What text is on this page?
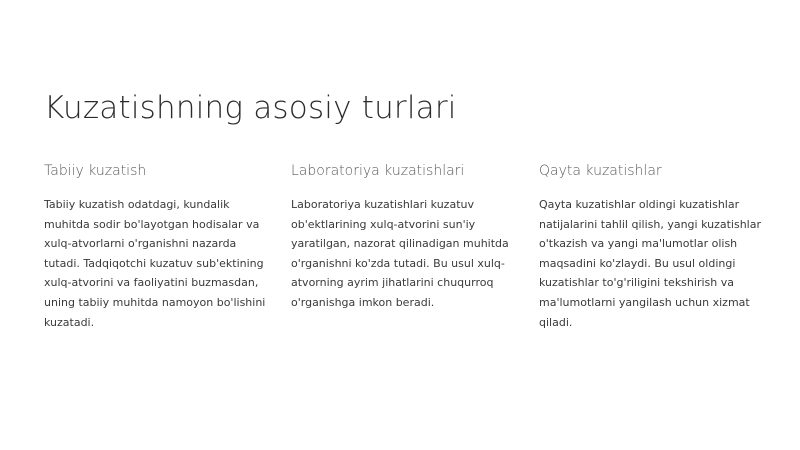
Kuzatishning asosiy turlari
Tabiiy kuzatish

Tabiiy kuzatish odatdagi, kundalik muhitda sodir bo'layotgan hodisalar va xulq-atvorlarni o'rganishni nazarda tutadi. Tadqiqotchi kuzatuv sub'ektining xulq-atvorini va faoliyatini buzmasdan, uning tabiiy muhitda namoyon bo'lishini kuzatadi.

Laboratoriya kuzatishlari

Laboratoriya kuzatishlari kuzatuv ob'ektlarining xulq-atvorini sun'iy yaratilgan, nazorat qilinadigan muhitda o'rganishni ko'zda tutadi. Bu usul xulq-atvorning ayrim jihatlarini chuqurroq o'rganishga imkon beradi.

Qayta kuzatishlar

Qayta kuzatishlar oldingi kuzatishlar natijalarini tahlil qilish, yangi kuzatishlar o'tkazish va yangi ma'lumotlar olish maqsadini ko'zlaydi. Bu usul oldingi kuzatishlar to'g'riligini tekshirish va ma'lumotlarni yangilash uchun xizmat qiladi.
